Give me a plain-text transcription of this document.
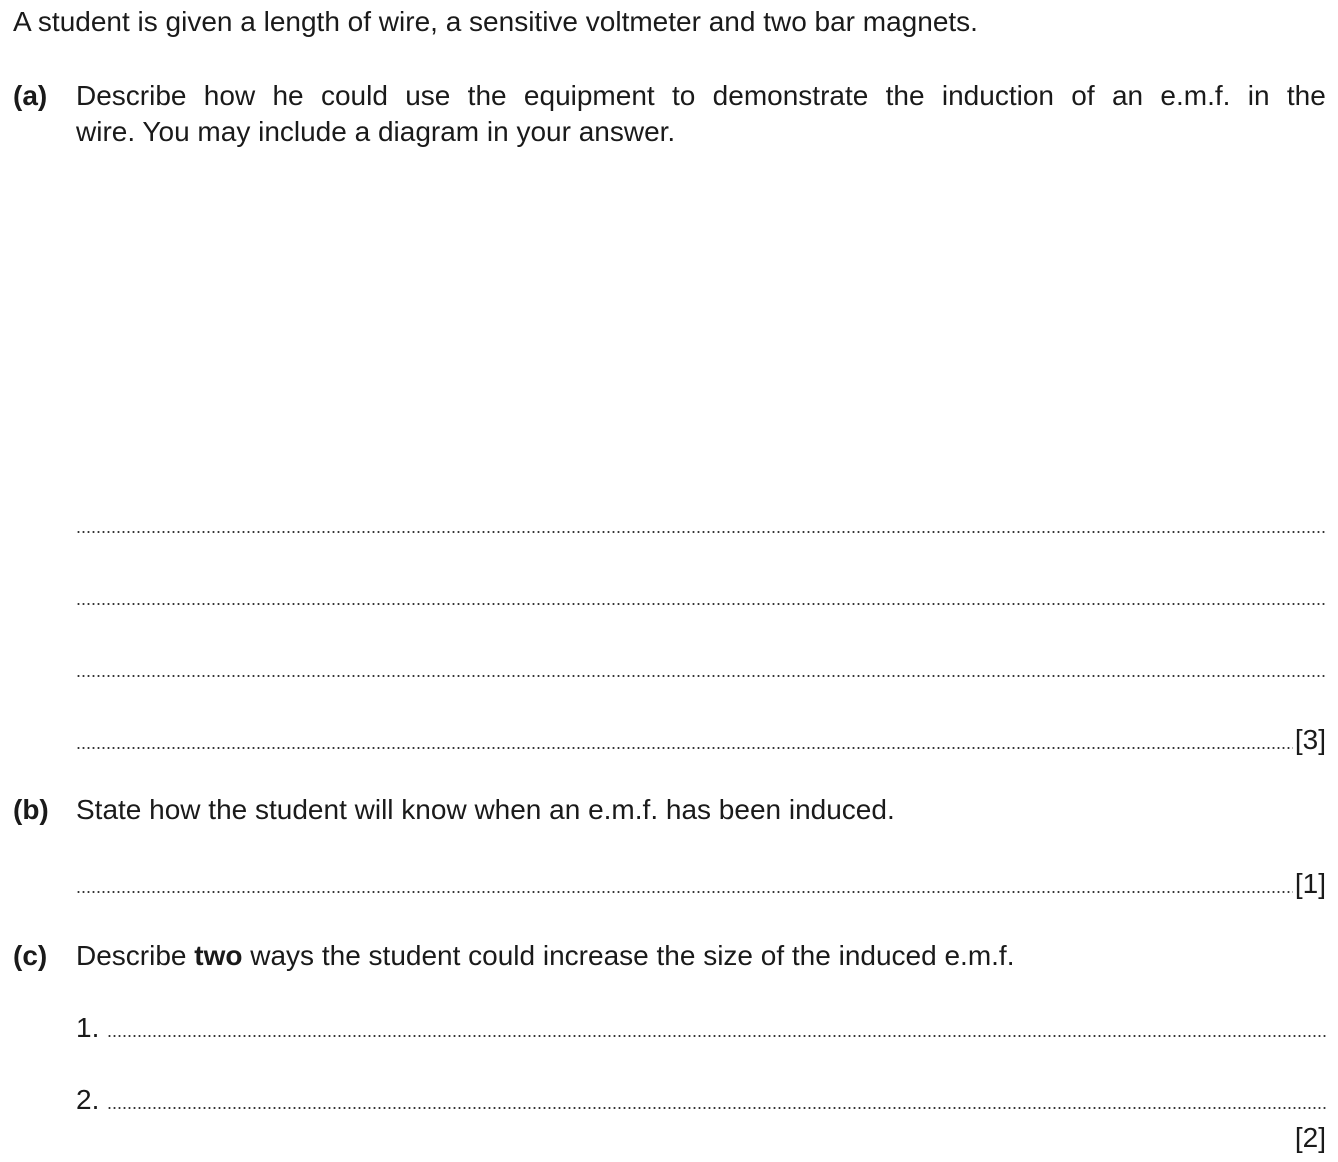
A student is given a length of wire, a sensitive voltmeter and two bar magnets.
(a) Describe how he could use the equipment to demonstrate the induction of an e.m.f. in the
wire. You may include a diagram in your answer.
[3]
(b) State how the student will know when an e.m.f. has been induced.
[1]
(c) Describe two ways the student could increase the size of the induced e.m.f.
1.
2.
[2]
